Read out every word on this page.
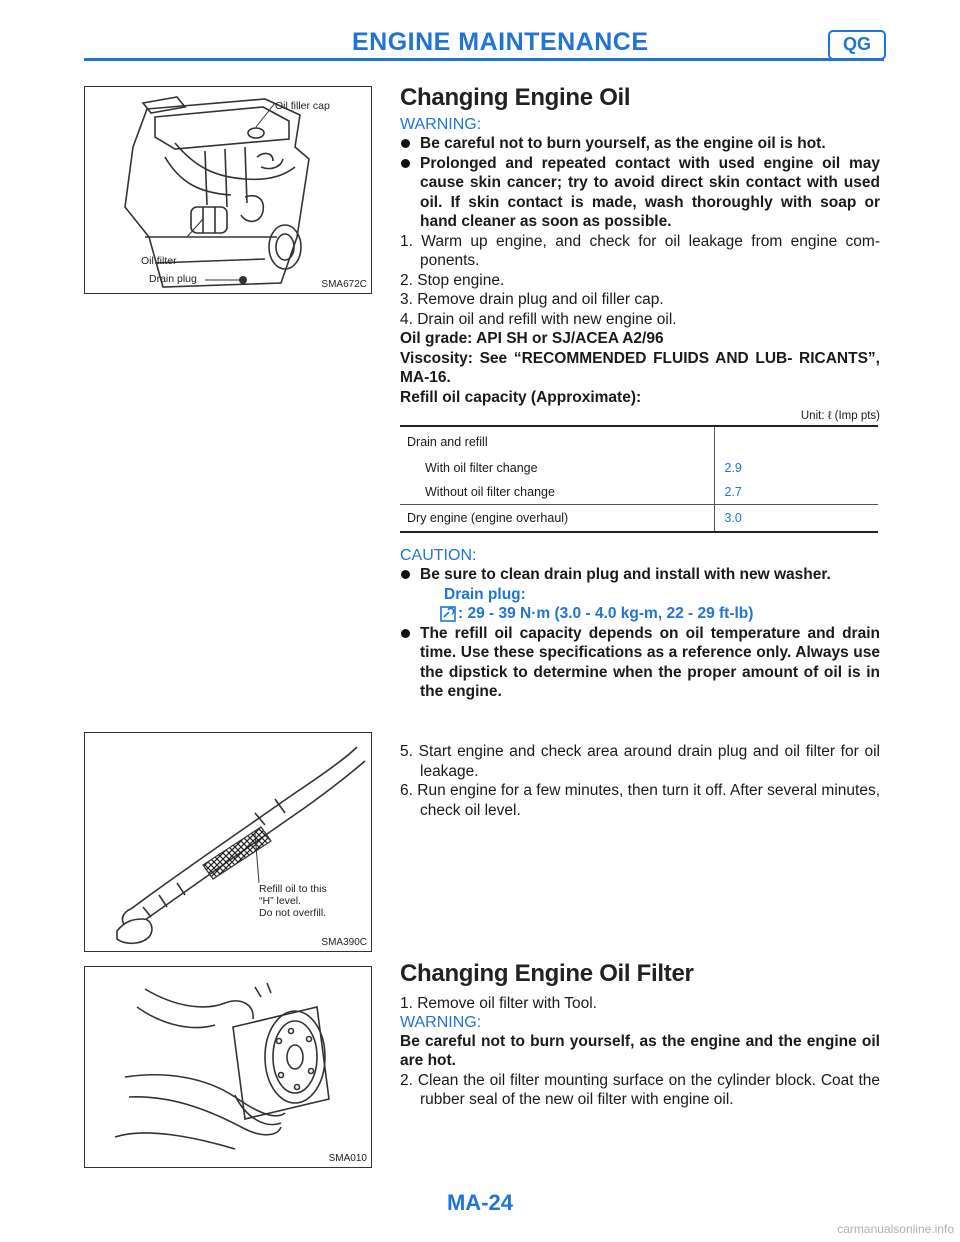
ENGINE MAINTENANCE	QG
Oil filler cap
Oil filter
Drain plug	SMA672C
Refill oil to this
“H” level.
Do not overfill.
SMA390C
SMA010
Changing Engine Oil
WARNING:
Be careful not to burn yourself, as the engine oil is hot.
Prolonged and repeated contact with used engine oil may cause skin cancer; try to avoid direct skin contact with used oil. If skin contact is made, wash thoroughly with soap or hand cleaner as soon as possible.
1. Warm up engine, and check for oil leakage from engine com- ponents.
2. Stop engine.
3. Remove drain plug and oil filler cap.
4. Drain oil and refill with new engine oil.
Oil grade: API SH or SJ/ACEA A2/96
Viscosity: See “RECOMMENDED FLUIDS AND LUB- RICANTS”, MA-16.
Refill oil capacity (Approximate):
Unit: ℓ (Imp pts)
Drain and refill	
With oil filter change	2.9
Without oil filter change	2.7
Dry engine (engine overhaul)	3.0
CAUTION:
Be sure to clean drain plug and install with new washer.
Drain plug:
: 29 - 39 N·m (3.0 - 4.0 kg-m, 22 - 29 ft-lb)
The refill oil capacity depends on oil temperature and drain time. Use these specifications as a reference only. Always use the dipstick to determine when the proper amount of oil is in the engine.
5. Start engine and check area around drain plug and oil filter for oil leakage.
6. Run engine for a few minutes, then turn it off. After several minutes, check oil level.
Changing Engine Oil Filter
1. Remove oil filter with Tool.
WARNING:
Be careful not to burn yourself, as the engine and the engine oil are hot.
2. Clean the oil filter mounting surface on the cylinder block. Coat the rubber seal of the new oil filter with engine oil.
MA-24
carmanualsonline.info
